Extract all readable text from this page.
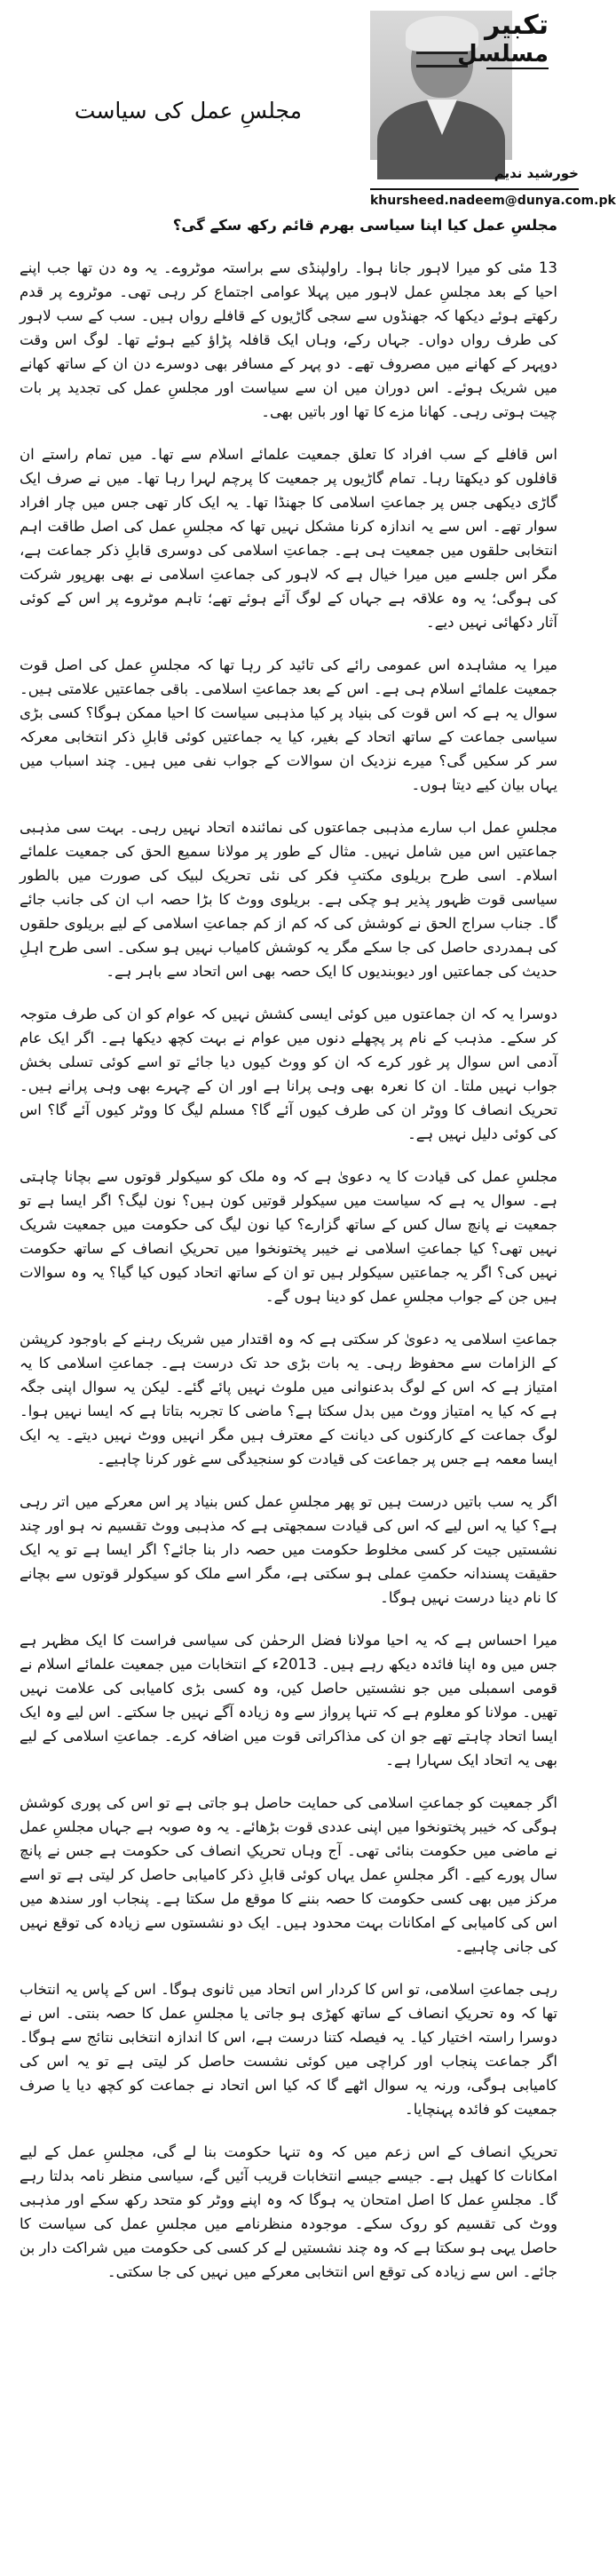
مجلسِ عمل کی سیاست
تکبیر
مسلسل
خورشید ندیم
khursheed.nadeem@dunya.com.pk

مجلسِ عمل کیا اپنا سیاسی بھرم قائم رکھ سکے گی؟

13 مئی کو میرا لاہور جانا ہوا۔ راولپنڈی سے براستہ موٹروے۔ یہ وہ دن تھا جب اپنے احیا کے بعد مجلسِ عمل لاہور میں پہلا عوامی اجتماع کر رہی تھی۔ موٹروے پر قدم رکھتے ہوئے دیکھا کہ جھنڈوں سے سجی گاڑیوں کے قافلے رواں ہیں۔ سب کے سب لاہور کی طرف رواں دواں۔ جہاں رکے، وہاں ایک قافلہ پڑاؤ کیے ہوئے تھا۔ لوگ اس وقت دوپہر کے کھانے میں مصروف تھے۔ دو پہر کے مسافر بھی دوسرے دن ان کے ساتھ کھانے میں شریک ہوئے۔ اس دوران میں ان سے سیاست اور مجلسِ عمل کی تجدید پر بات چیت ہوتی رہی۔ کھانا مزے کا تھا اور باتیں بھی۔

اس قافلے کے سب افراد کا تعلق جمعیت علمائے اسلام سے تھا۔ میں تمام راستے ان قافلوں کو دیکھتا رہا۔ تمام گاڑیوں پر جمعیت کا پرچم لہرا رہا تھا۔ میں نے صرف ایک گاڑی دیکھی جس پر جماعتِ اسلامی کا جھنڈا تھا۔ یہ ایک کار تھی جس میں چار افراد سوار تھے۔ اس سے یہ اندازہ کرنا مشکل نہیں تھا کہ مجلسِ عمل کی اصل طاقت اہم انتخابی حلقوں میں جمعیت ہی ہے۔ جماعتِ اسلامی کی دوسری قابلِ ذکر جماعت ہے، مگر اس جلسے میں میرا خیال ہے کہ لاہور کی جماعتِ اسلامی نے بھی بھرپور شرکت کی ہوگی؛ یہ وہ علاقہ ہے جہاں کے لوگ آئے ہوئے تھے؛ تاہم موٹروے پر اس کے کوئی آثار دکھائی نہیں دیے۔

میرا یہ مشاہدہ اس عمومی رائے کی تائید کر رہا تھا کہ مجلسِ عمل کی اصل قوت جمعیت علمائے اسلام ہی ہے۔ اس کے بعد جماعتِ اسلامی۔ باقی جماعتیں علامتی ہیں۔ سوال یہ ہے کہ اس قوت کی بنیاد پر کیا مذہبی سیاست کا احیا ممکن ہوگا؟ کسی بڑی سیاسی جماعت کے ساتھ اتحاد کے بغیر، کیا یہ جماعتیں کوئی قابلِ ذکر انتخابی معرکہ سر کر سکیں گی؟ میرے نزدیک ان سوالات کے جواب نفی میں ہیں۔ چند اسباب میں یہاں بیان کیے دیتا ہوں۔

مجلسِ عمل اب سارے مذہبی جماعتوں کی نمائندہ اتحاد نہیں رہی۔ بہت سی مذہبی جماعتیں اس میں شامل نہیں۔ مثال کے طور پر مولانا سمیع الحق کی جمعیت علمائے اسلام۔ اسی طرح بریلوی مکتبِ فکر کی نئی تحریک لبیک کی صورت میں بالطور سیاسی قوت ظہور پذیر ہو چکی ہے۔ بریلوی ووٹ کا بڑا حصہ اب ان کی جانب جائے گا۔ جناب سراج الحق نے کوشش کی کہ کم از کم جماعتِ اسلامی کے لیے بریلوی حلقوں کی ہمدردی حاصل کی جا سکے مگر یہ کوشش کامیاب نہیں ہو سکی۔ اسی طرح اہلِ حدیث کی جماعتیں اور دیوبندیوں کا ایک حصہ بھی اس اتحاد سے باہر ہے۔

دوسرا یہ کہ ان جماعتوں میں کوئی ایسی کشش نہیں کہ عوام کو ان کی طرف متوجہ کر سکے۔ مذہب کے نام پر پچھلے دنوں میں عوام نے بہت کچھ دیکھا ہے۔ اگر ایک عام آدمی اس سوال پر غور کرے کہ ان کو ووٹ کیوں دیا جائے تو اسے کوئی تسلی بخش جواب نہیں ملتا۔ ان کا نعرہ بھی وہی پرانا ہے اور ان کے چہرے بھی وہی پرانے ہیں۔ تحریک انصاف کا ووٹر ان کی طرف کیوں آئے گا؟ مسلم لیگ کا ووٹر کیوں آئے گا؟ اس کی کوئی دلیل نہیں ہے۔

مجلسِ عمل کی قیادت کا یہ دعویٰ ہے کہ وہ ملک کو سیکولر قوتوں سے بچانا چاہتی ہے۔ سوال یہ ہے کہ سیاست میں سیکولر قوتیں کون ہیں؟ نون لیگ؟ اگر ایسا ہے تو جمعیت نے پانچ سال کس کے ساتھ گزارے؟ کیا نون لیگ کی حکومت میں جمعیت شریک نہیں تھی؟ کیا جماعتِ اسلامی نے خیبر پختونخوا میں تحریکِ انصاف کے ساتھ حکومت نہیں کی؟ اگر یہ جماعتیں سیکولر ہیں تو ان کے ساتھ اتحاد کیوں کیا گیا؟ یہ وہ سوالات ہیں جن کے جواب مجلسِ عمل کو دینا ہوں گے۔

جماعتِ اسلامی یہ دعویٰ کر سکتی ہے کہ وہ اقتدار میں شریک رہنے کے باوجود کرپشن کے الزامات سے محفوظ رہی۔ یہ بات بڑی حد تک درست ہے۔ جماعتِ اسلامی کا یہ امتیاز ہے کہ اس کے لوگ بدعنوانی میں ملوث نہیں پائے گئے۔ لیکن یہ سوال اپنی جگہ ہے کہ کیا یہ امتیاز ووٹ میں بدل سکتا ہے؟ ماضی کا تجربہ بتاتا ہے کہ ایسا نہیں ہوا۔ لوگ جماعت کے کارکنوں کی دیانت کے معترف ہیں مگر انہیں ووٹ نہیں دیتے۔ یہ ایک ایسا معمہ ہے جس پر جماعت کی قیادت کو سنجیدگی سے غور کرنا چاہیے۔

اگر یہ سب باتیں درست ہیں تو پھر مجلسِ عمل کس بنیاد پر اس معرکے میں اتر رہی ہے؟ کیا یہ اس لیے کہ اس کی قیادت سمجھتی ہے کہ مذہبی ووٹ تقسیم نہ ہو اور چند نشستیں جیت کر کسی مخلوط حکومت میں حصہ دار بنا جائے؟ اگر ایسا ہے تو یہ ایک حقیقت پسندانہ حکمتِ عملی ہو سکتی ہے، مگر اسے ملک کو سیکولر قوتوں سے بچانے کا نام دینا درست نہیں ہوگا۔

میرا احساس ہے کہ یہ احیا مولانا فضل الرحمٰن کی سیاسی فراست کا ایک مظہر ہے جس میں وہ اپنا فائدہ دیکھ رہے ہیں۔ 2013ء کے انتخابات میں جمعیت علمائے اسلام نے قومی اسمبلی میں جو نشستیں حاصل کیں، وہ کسی بڑی کامیابی کی علامت نہیں تھیں۔ مولانا کو معلوم ہے کہ تنہا پرواز سے وہ زیادہ آگے نہیں جا سکتے۔ اس لیے وہ ایک ایسا اتحاد چاہتے تھے جو ان کی مذاکراتی قوت میں اضافہ کرے۔ جماعتِ اسلامی کے لیے بھی یہ اتحاد ایک سہارا ہے۔

اگر جمعیت کو جماعتِ اسلامی کی حمایت حاصل ہو جاتی ہے تو اس کی پوری کوشش ہوگی کہ خیبر پختونخوا میں اپنی عددی قوت بڑھائے۔ یہ وہ صوبہ ہے جہاں مجلسِ عمل نے ماضی میں حکومت بنائی تھی۔ آج وہاں تحریکِ انصاف کی حکومت ہے جس نے پانچ سال پورے کیے۔ اگر مجلسِ عمل یہاں کوئی قابلِ ذکر کامیابی حاصل کر لیتی ہے تو اسے مرکز میں بھی کسی حکومت کا حصہ بننے کا موقع مل سکتا ہے۔ پنجاب اور سندھ میں اس کی کامیابی کے امکانات بہت محدود ہیں۔ ایک دو نشستوں سے زیادہ کی توقع نہیں کی جانی چاہیے۔

رہی جماعتِ اسلامی، تو اس کا کردار اس اتحاد میں ثانوی ہوگا۔ اس کے پاس یہ انتخاب تھا کہ وہ تحریکِ انصاف کے ساتھ کھڑی ہو جاتی یا مجلسِ عمل کا حصہ بنتی۔ اس نے دوسرا راستہ اختیار کیا۔ یہ فیصلہ کتنا درست ہے، اس کا اندازہ انتخابی نتائج سے ہوگا۔ اگر جماعت پنجاب اور کراچی میں کوئی نشست حاصل کر لیتی ہے تو یہ اس کی کامیابی ہوگی، ورنہ یہ سوال اٹھے گا کہ کیا اس اتحاد نے جماعت کو کچھ دیا یا صرف جمعیت کو فائدہ پہنچایا۔

تحریکِ انصاف کے اس زعم میں کہ وہ تنہا حکومت بنا لے گی، مجلسِ عمل کے لیے امکانات کا کھیل ہے۔ جیسے جیسے انتخابات قریب آئیں گے، سیاسی منظر نامہ بدلتا رہے گا۔ مجلسِ عمل کا اصل امتحان یہ ہوگا کہ وہ اپنے ووٹر کو متحد رکھ سکے اور مذہبی ووٹ کی تقسیم کو روک سکے۔ موجودہ منظرنامے میں مجلسِ عمل کی سیاست کا حاصل یہی ہو سکتا ہے کہ وہ چند نشستیں لے کر کسی کی حکومت میں شراکت دار بن جائے۔ اس سے زیادہ کی توقع اس انتخابی معرکے میں نہیں کی جا سکتی۔
